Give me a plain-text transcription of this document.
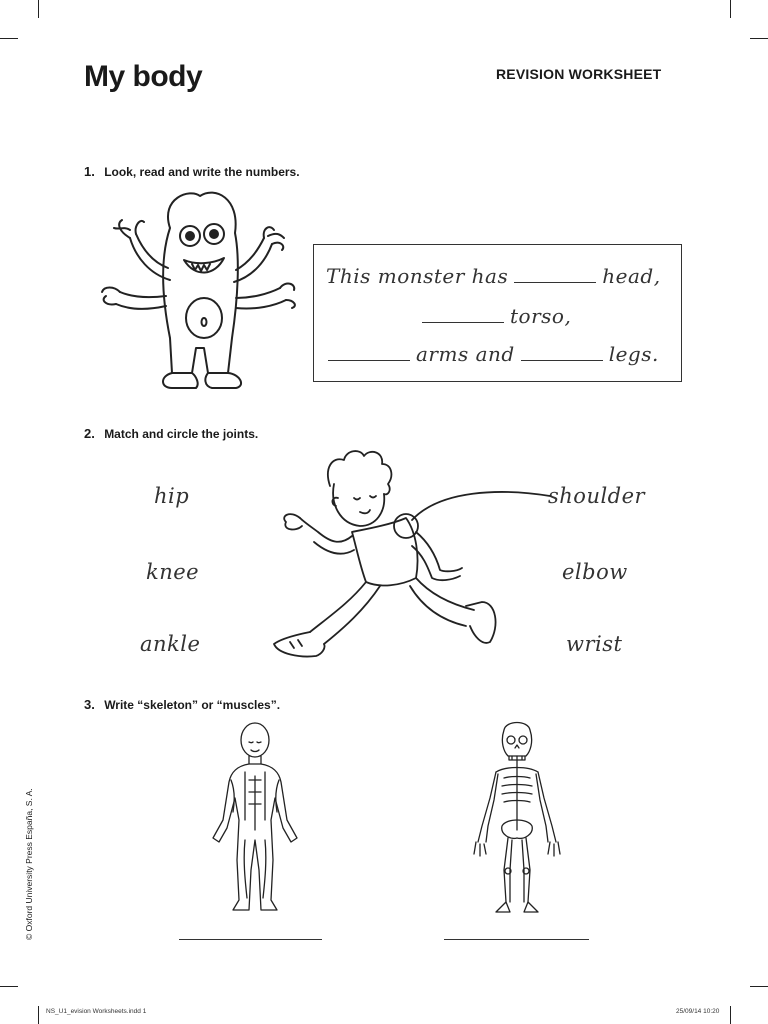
My body	REVISION WORKSHEET
1. Look, read and write the numbers.
This monster has	head,
torso,
arms and	legs.
2. Match and circle the joints.
hip
knee
ankle
shoulder
elbow
wrist
3. Write “skeleton” or “muscles”.
© Oxford University Press España, S. A.
NS_U1_evision Worksheets.indd 1	25/09/14 10:20
